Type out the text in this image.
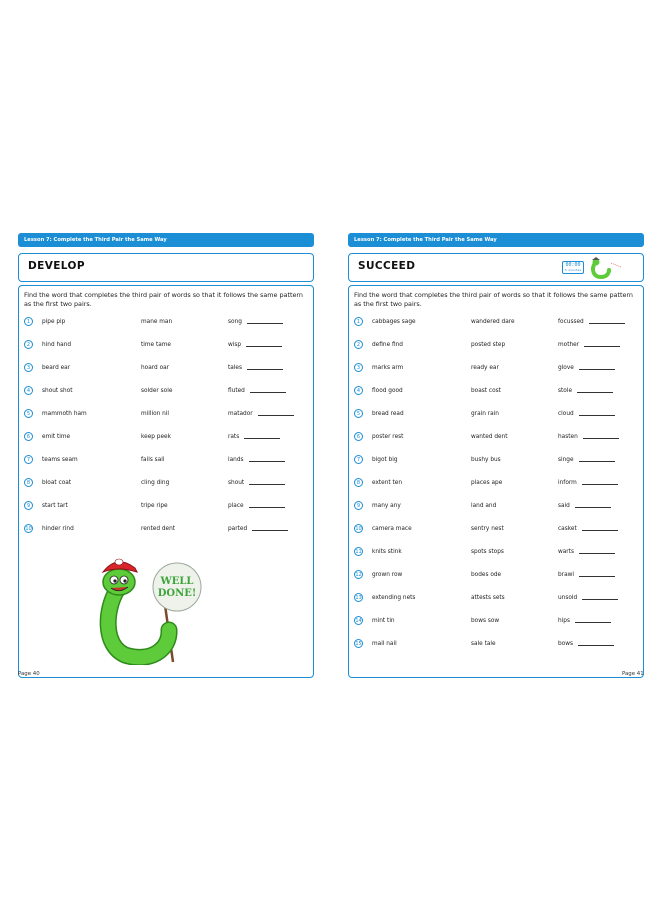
Lesson 7: Complete the Third Pair the Same Way
DEVELOP
Find the word that completes the third pair of words so that it follows the same pattern as the first two pairs.
1	pipe pip	mane man	song
2	hind hand	time tame	wisp
3	beard ear	hoard oar	tales
4	shout shot	solder sole	fluted
5	mammoth ham	million nil	matador
6	emit time	keep peek	rats
7	teams seam	fails sail	lands
8	bloat coat	cling ding	shout
9	start tart	tripe ripe	place
10 hinder rind	rented dent	parted
WELL
DONE!
Page 40
Lesson 7: Complete the Third Pair the Same Way
SUCCEED	00:00
5 minutes
Find the word that completes the third pair of words so that it follows the same pattern as the first two pairs.
1	cabbages sage	wandered dare	focussed
2	define find	posted step	mother
3	marks arm	ready ear	glove
4	flood good	boast cost	stole
5	bread read	grain rain	cloud
6	poster rest	wanted dent	hasten
7	bigot big	bushy bus	singe
8	extent ten	places ape	inform
9	many any	land and	said
10 camera mace	sentry nest	casket
11 knits stink	spots stops	warts
12 grown row	bodes ode	brawl
13 extending nets	attests sets	unsold
14 mint tin	bows sow	hips
15 mail nail	sale tale	bows
Page 41
